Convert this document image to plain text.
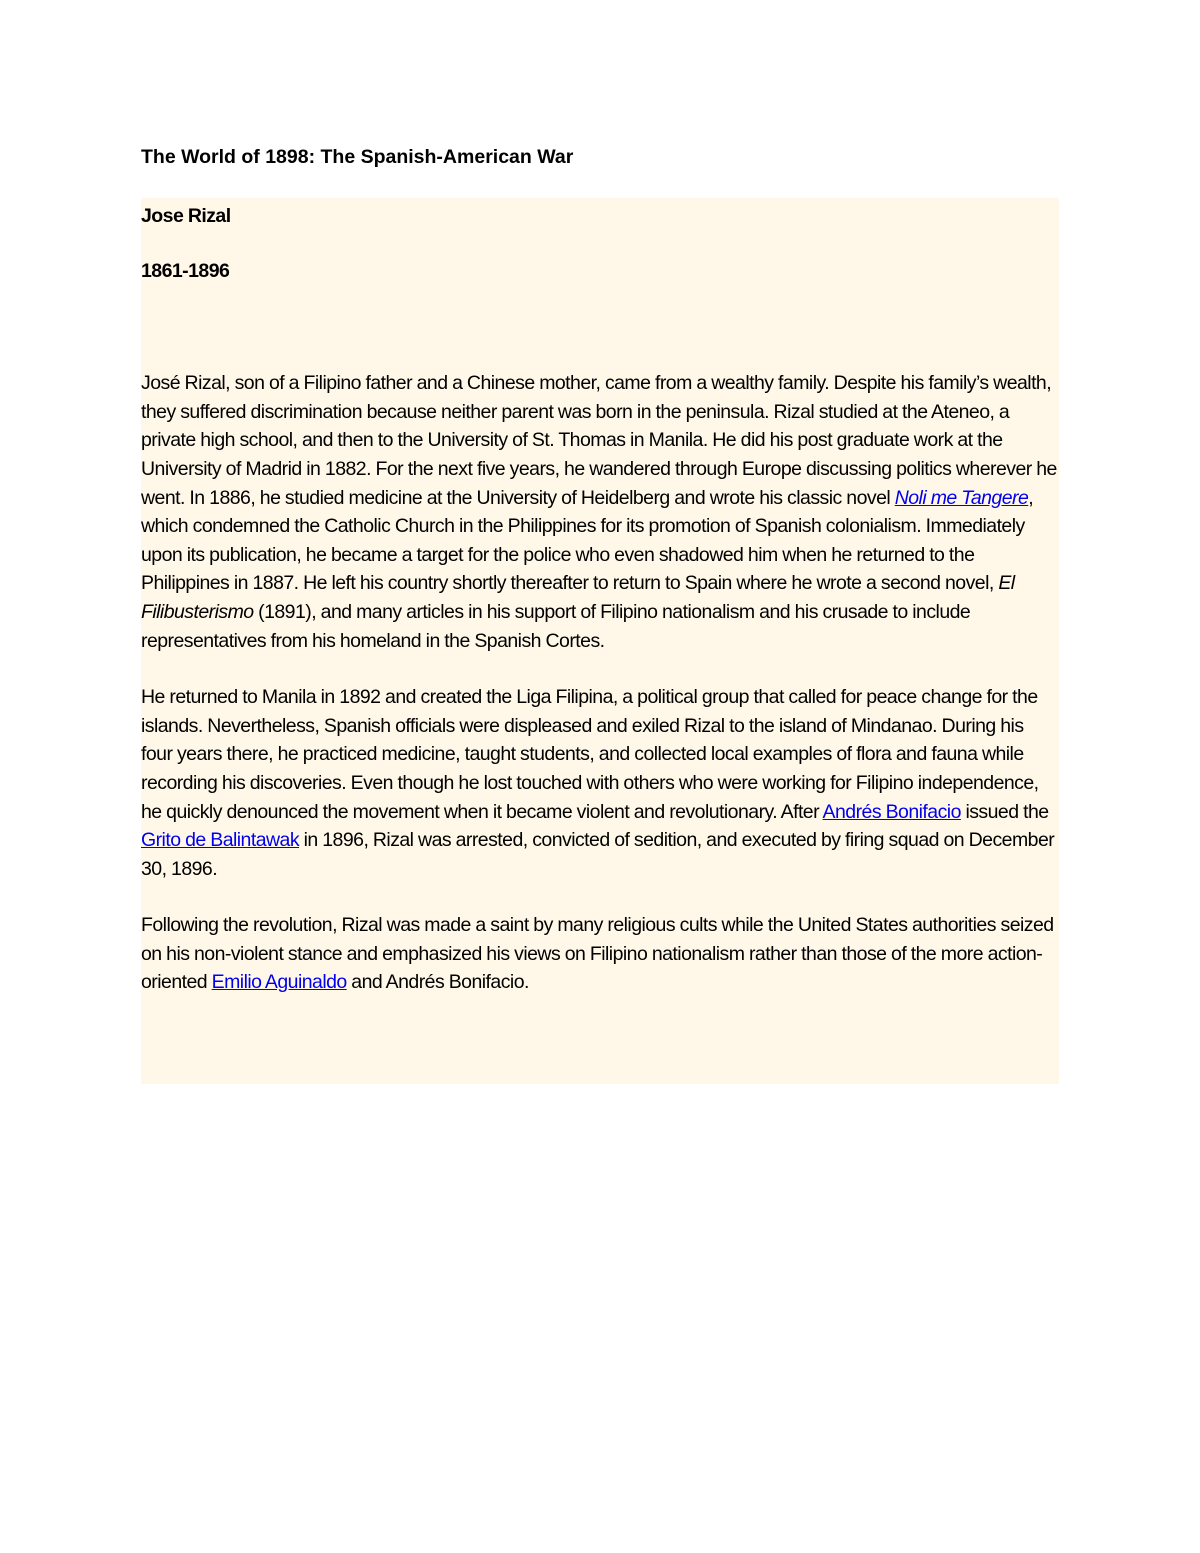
The World of 1898: The Spanish-American War
Jose Rizal
1861-1896

José Rizal, son of a Filipino father and a Chinese mother, came from a wealthy family. Despite his family’s wealth, they suffered discrimination because neither parent was born in the peninsula. Rizal studied at the Ateneo, a private high school, and then to the University of St. Thomas in Manila. He did his post graduate work at the University of Madrid in 1882. For the next five years, he wandered through Europe discussing politics wherever he went. In 1886, he studied medicine at the University of Heidelberg and wrote his classic novel Noli me Tangere, which condemned the Catholic Church in the Philippines for its promotion of Spanish colonialism. Immediately upon its publication, he became a target for the police who even shadowed him when he returned to the Philippines in 1887. He left his country shortly thereafter to return to Spain where he wrote a second novel, El Filibusterismo (1891), and many articles in his support of Filipino nationalism and his crusade to include representatives from his homeland in the Spanish Cortes.

He returned to Manila in 1892 and created the Liga Filipina, a political group that called for peace change for the islands. Nevertheless, Spanish officials were displeased and exiled Rizal to the island of Mindanao. During his four years there, he practiced medicine, taught students, and collected local examples of flora and fauna while recording his discoveries. Even though he lost touched with others who were working for Filipino independence, he quickly denounced the movement when it became violent and revolutionary. After Andrés Bonifacio issued the Grito de Balintawak in 1896, Rizal was arrested, convicted of sedition, and executed by firing squad on December 30, 1896.

Following the revolution, Rizal was made a saint by many religious cults while the United States authorities seized on his non-violent stance and emphasized his views on Filipino nationalism rather than those of the more action-oriented Emilio Aguinaldo and Andrés Bonifacio.
